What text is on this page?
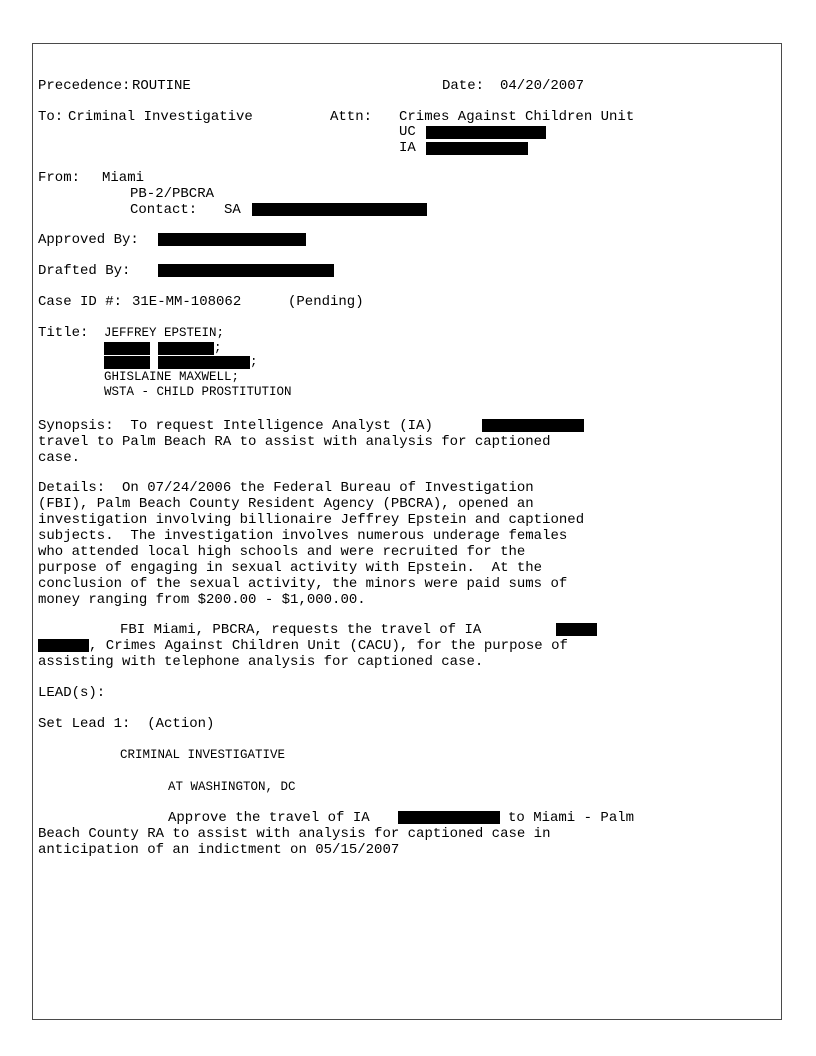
Precedence: ROUTINE	Date: 04/20/2007
To: Criminal Investigative	Attn: Crimes Against Children Unit
UC
IA
From: Miami
PB-2/PBCRA
Contact: SA
Approved By:
Drafted By:
Case ID #: 31E-MM-108062	(Pending)
Title: JEFFREY EPSTEIN;
;
;
GHISLAINE MAXWELL;
WSTA - CHILD PROSTITUTION
Synopsis:  To request Intelligence Analyst (IA)
travel to Palm Beach RA to assist with analysis for captioned
case.
Details:  On 07/24/2006 the Federal Bureau of Investigation
(FBI), Palm Beach County Resident Agency (PBCRA), opened an
investigation involving billionaire Jeffrey Epstein and captioned
subjects.  The investigation involves numerous underage females
who attended local high schools and were recruited for the
purpose of engaging in sexual activity with Epstein.  At the
conclusion of the sexual activity, the minors were paid sums of
money ranging from $200.00 - $1,000.00.
FBI Miami, PBCRA, requests the travel of IA
, Crimes Against Children Unit (CACU), for the purpose of
assisting with telephone analysis for captioned case.
LEAD(s):
Set Lead 1:  (Action)
CRIMINAL INVESTIGATIVE
AT WASHINGTON, DC
Approve the travel of IA	to Miami - Palm
Beach County RA to assist with analysis for captioned case in
anticipation of an indictment on 05/15/2007
